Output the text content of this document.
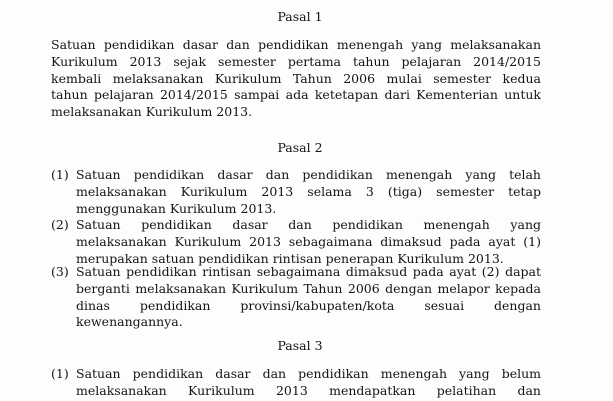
Pasal 1
Satuan pendidikan dasar dan pendidikan menengah yang melaksanakan
Kurikulum 2013 sejak semester pertama tahun pelajaran 2014/2015
kembali melaksanakan Kurikulum Tahun 2006 mulai semester kedua
tahun pelajaran 2014/2015 sampai ada ketetapan dari Kementerian untuk
melaksanakan Kurikulum 2013.
Pasal 2
(1) Satuan pendidikan dasar dan pendidikan menengah yang telah
melaksanakan Kurikulum 2013 selama 3 (tiga) semester tetap
menggunakan Kurikulum 2013.
(2) Satuan pendidikan dasar dan pendidikan menengah yang
melaksanakan Kurikulum 2013 sebagaimana dimaksud pada ayat (1)
merupakan satuan pendidikan rintisan penerapan Kurikulum 2013.
(3) Satuan pendidikan rintisan sebagaimana dimaksud pada ayat (2) dapat
berganti melaksanakan Kurikulum Tahun 2006 dengan melapor kepada
dinas pendidikan provinsi/kabupaten/kota sesuai dengan
kewenangannya.
Pasal 3
(1) Satuan pendidikan dasar dan pendidikan menengah yang belum
melaksanakan Kurikulum 2013 mendapatkan pelatihan dan
